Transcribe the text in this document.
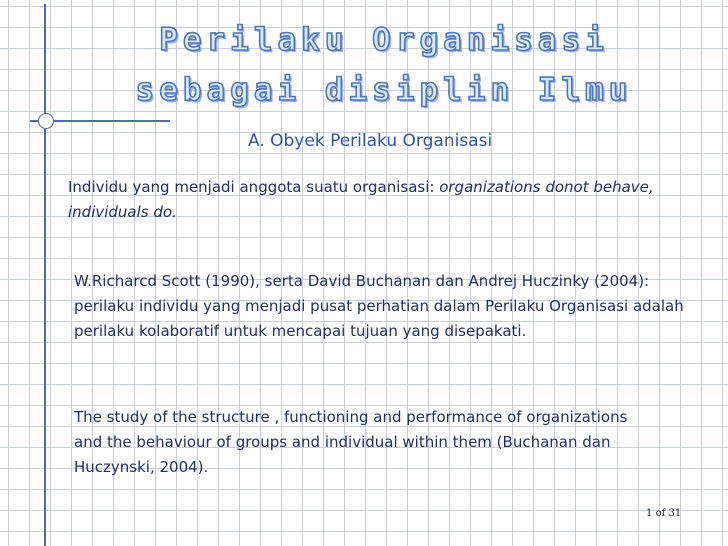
Perilaku Organisasi
sebagai disiplin Ilmu
A. Obyek Perilaku Organisasi

Individu yang menjadi anggota suatu organisasi: organizations donot behave, individuals do.

W.Richarcd Scott (1990), serta David Buchanan dan Andrej Huczinky (2004): perilaku individu yang menjadi pusat perhatian dalam Perilaku Organisasi adalah perilaku kolaboratif untuk mencapai tujuan yang disepakati.

The study of the structure , functioning and performance of organizations and the behaviour of groups and individual within them (Buchanan dan Huczynski, 2004).

1 of 31
